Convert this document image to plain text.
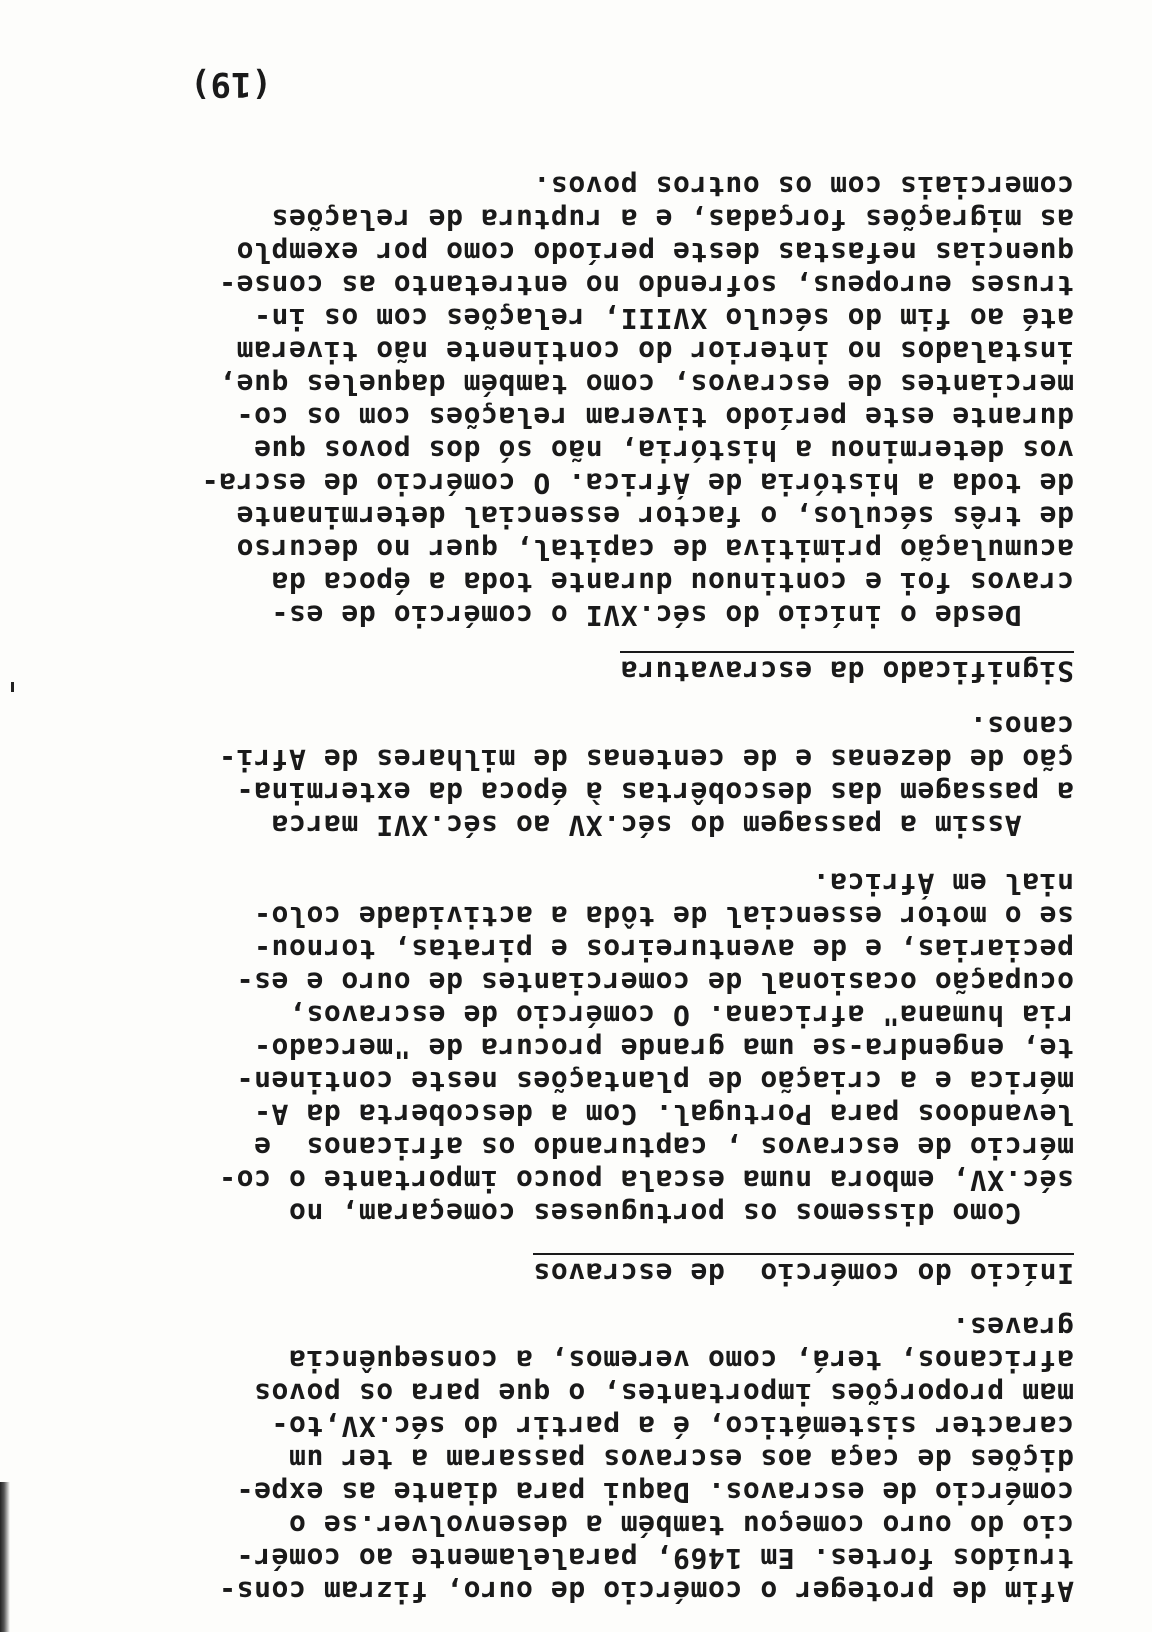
Afim de proteger o comércio de ouro, fizram cons-
truídos fortes. Em 1469, paralelamente ao comér-
cio do ouro começou também a desenvolver.se o
comércio de escravos. Daqui para diante as expe-
dições de caça aos escravos passaram a ter um
caracter sistemático, é a partir do séc.XV,to-
mam proporções importantes, o que para os povos
africanos, terá, como veremos, a consequência
graves.
Início do comércio  de escravos
Como dissemos os portugueses começaram, no
séc.XV, embora numa escala pouco importante o co-
mércio de escravos , capturando os africanos  e
levandoos para Portugal. Com a descoberta da A-
mérica e a criação de plantações neste continen-
te, engendra-se uma grande procura de "mercado-
ria humana" africana. O comércio de escravos,
ocupação ocasional de comerciantes de ouro e es-
peciarias, e de aventureiros e piratas, tornou-
se o motor essencial de tôda a actividade colo-
nial em África.
Assim a passagem do séc.XV ao séc.XVI marca
a passagem das descobêrtas à época da extermina-
ção de dezenas e de centenas de milhares de Afri-
canos.
Significado da escravatura
Desde o início do séc.XVI o comércio de es-
cravos foi e continuou durante toda a época da
acumulação primitiva de capital, quer no decurso
de três séculos, o factor essencial determinante
de toda a história de África. O comércio de escra-
vos determinou a história, não só dos povos que
durante este período tiveram relações com os co-
merciantes de escravos, como também daqueles que,
instalados no interior do continente não tiveram
até ao fim do século XVIII, relações com os in-
truses europeus, sofrendo no entretanto as conse-
quencias nefastas deste período como por exemplo
as migrações forçadas, e a ruptura de relações
comerciais com os outros povos.
(19)
